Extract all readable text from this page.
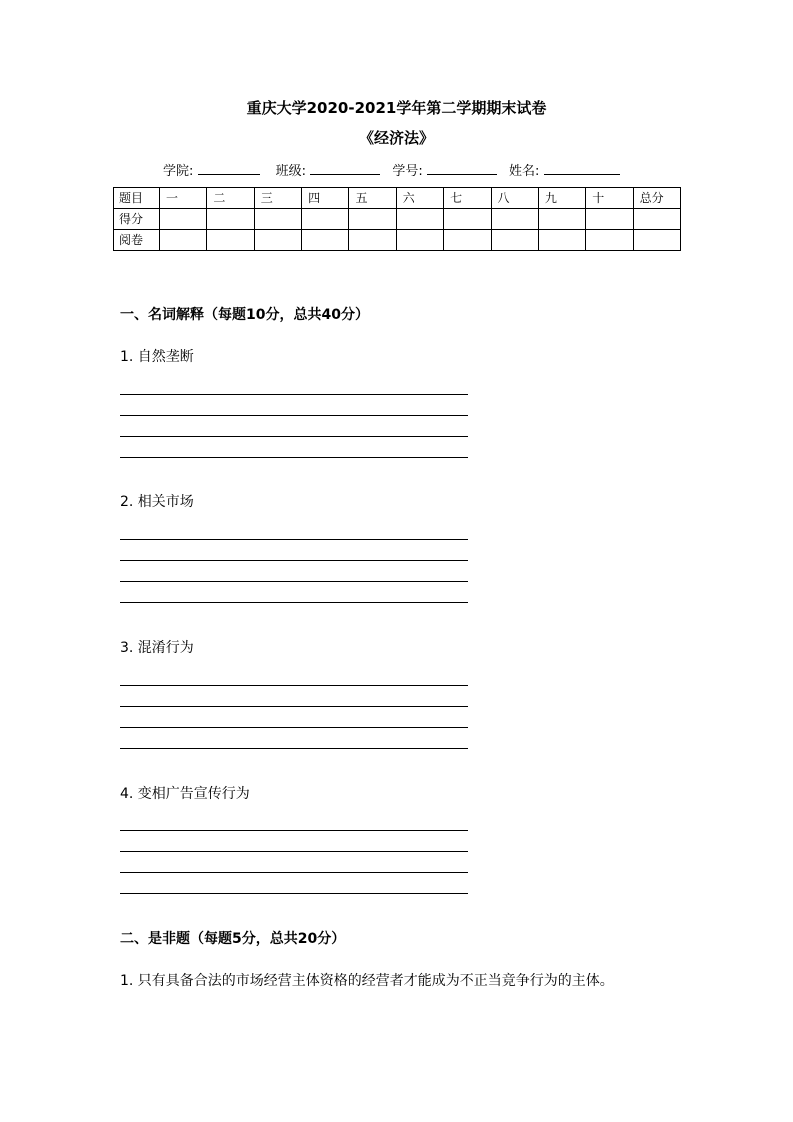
重庆大学2020-2021学年第二学期期末试卷
《经济法》
学院:	班级:	学号:	姓名:
题目	一	二	三	四	五	六	七	八	九	十	总分
得分											
阅卷											
一、名词解释（每题10分，总共40分）
1. 自然垄断
2. 相关市场
3. 混淆行为
4. 变相广告宣传行为
二、是非题（每题5分，总共20分）
1. 只有具备合法的市场经营主体资格的经营者才能成为不正当竞争行为的主体。
